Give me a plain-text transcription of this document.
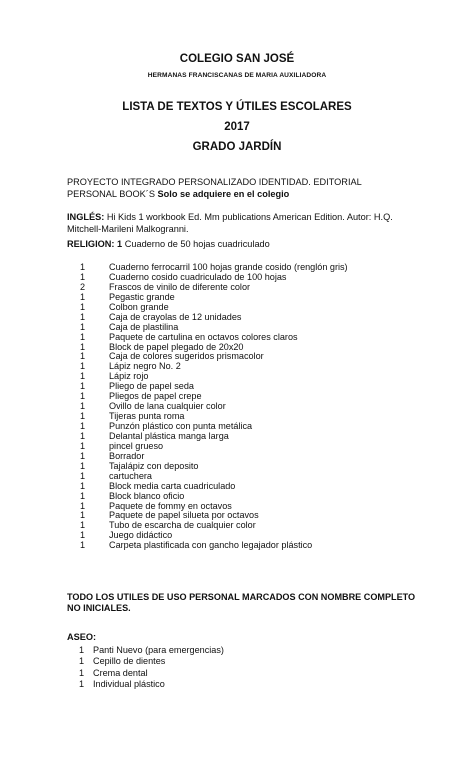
COLEGIO SAN JOSÉ
HERMANAS FRANCISCANAS DE MARIA AUXILIADORA
LISTA DE TEXTOS Y ÚTILES ESCOLARES
2017
GRADO JARDÍN
PROYECTO INTEGRADO PERSONALIZADO IDENTIDAD. EDITORIAL PERSONAL BOOK´S Solo se adquiere en el colegio
INGLÉS: Hi Kids 1 workbook Ed. Mm publications American Edition. Autor: H.Q. Mitchell-Marileni Malkogranni.
RELIGION: 1 Cuaderno de 50 hojas cuadriculado
1	Cuaderno ferrocarril 100 hojas grande cosido (renglón gris)
1	Cuaderno cosido cuadriculado de 100 hojas
2	Frascos de vinilo de diferente color
1	Pegastic grande
1	Colbon grande
1	Caja de crayolas de 12 unidades
1	Caja de plastilina
1	Paquete de cartulina en octavos colores claros
1	Block de papel plegado de 20x20
1	Caja de colores sugeridos prismacolor
1	Lápiz negro No. 2
1	Lápiz rojo
1	Pliego de papel seda
1	Pliegos de papel crepe
1	Ovillo de lana cualquier color
1	Tijeras punta roma
1	Punzón plástico con punta metálica
1	Delantal plástica manga larga
1	pincel grueso
1	Borrador
1	Tajalápiz con deposito
1	cartuchera
1	Block media carta cuadriculado
1	Block blanco oficio
1	Paquete de fommy en octavos
1	Paquete de papel silueta por octavos
1	Tubo de escarcha de cualquier color
1	Juego didáctico
1	Carpeta plastificada con gancho legajador plástico
TODO LOS UTILES DE USO PERSONAL MARCADOS CON NOMBRE COMPLETO NO INICIALES.
ASEO:
1 Panti Nuevo (para emergencias)
1 Cepillo de dientes
1 Crema dental
1 Individual plástico
